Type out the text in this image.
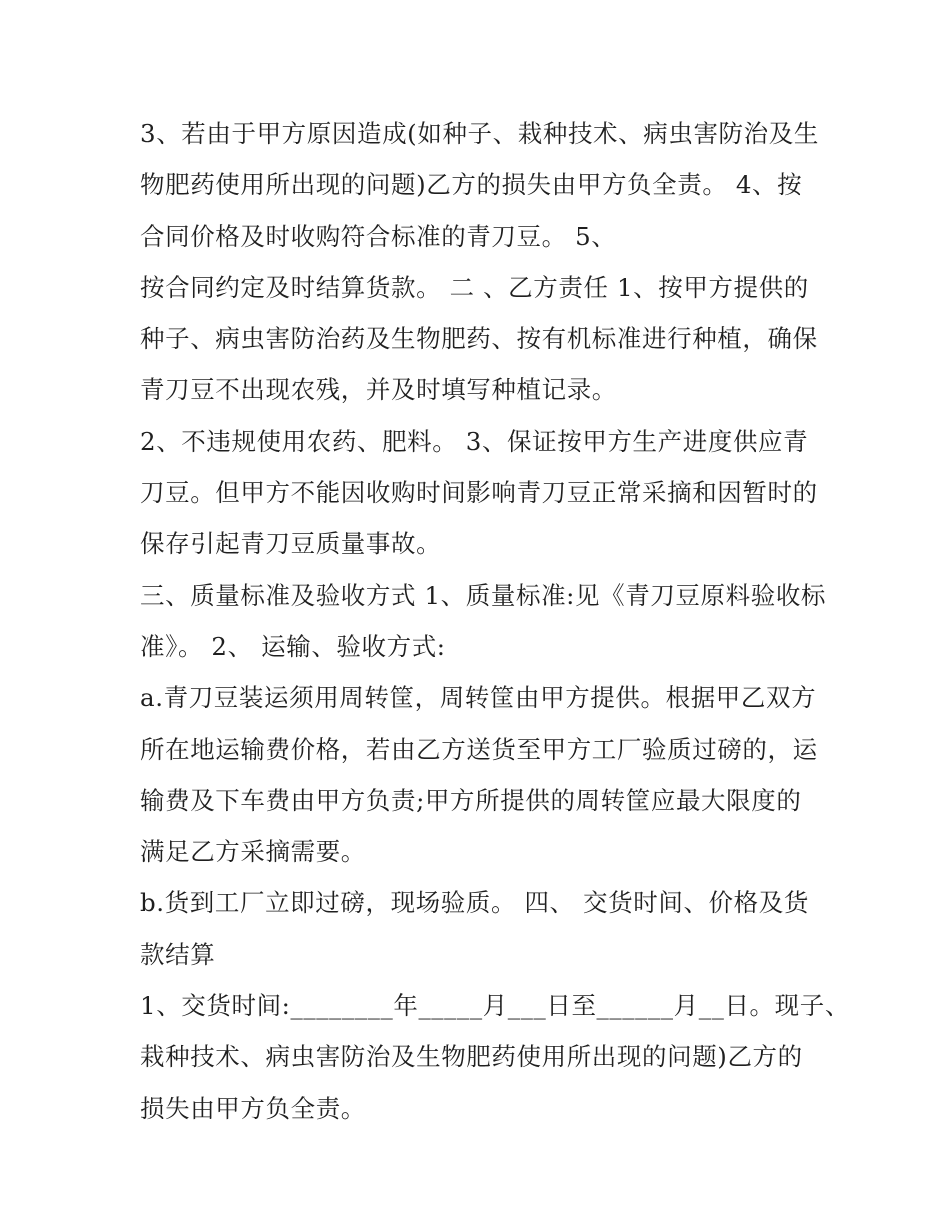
3、若由于甲方原因造成(如种子、栽种技术、病虫害防治及生
物肥药使用所出现的问题)乙方的损失由甲方负全责。 4、按
合同价格及时收购符合标准的青刀豆。 5、
按合同约定及时结算货款。 二 、乙方责任 1、按甲方提供的
种子、病虫害防治药及生物肥药、按有机标准进行种植，确保
青刀豆不出现农残，并及时填写种植记录。
2、不违规使用农药、肥料。 3、保证按甲方生产进度供应青
刀豆。但甲方不能因收购时间影响青刀豆正常采摘和因暂时的
保存引起青刀豆质量事故。
三、质量标准及验收方式 1、质量标准:见《青刀豆原料验收标
准》。 2、 运输、验收方式:
a.青刀豆装运须用周转筐，周转筐由甲方提供。根据甲乙双方
所在地运输费价格，若由乙方送货至甲方工厂验质过磅的，运
输费及下车费由甲方负责;甲方所提供的周转筐应最大限度的
满足乙方采摘需要。
b.货到工厂立即过磅，现场验质。 四、 交货时间、价格及货
款结算
1、交货时间:________年_____月___日至______月__日。现子、
栽种技术、病虫害防治及生物肥药使用所出现的问题)乙方的
损失由甲方负全责。
